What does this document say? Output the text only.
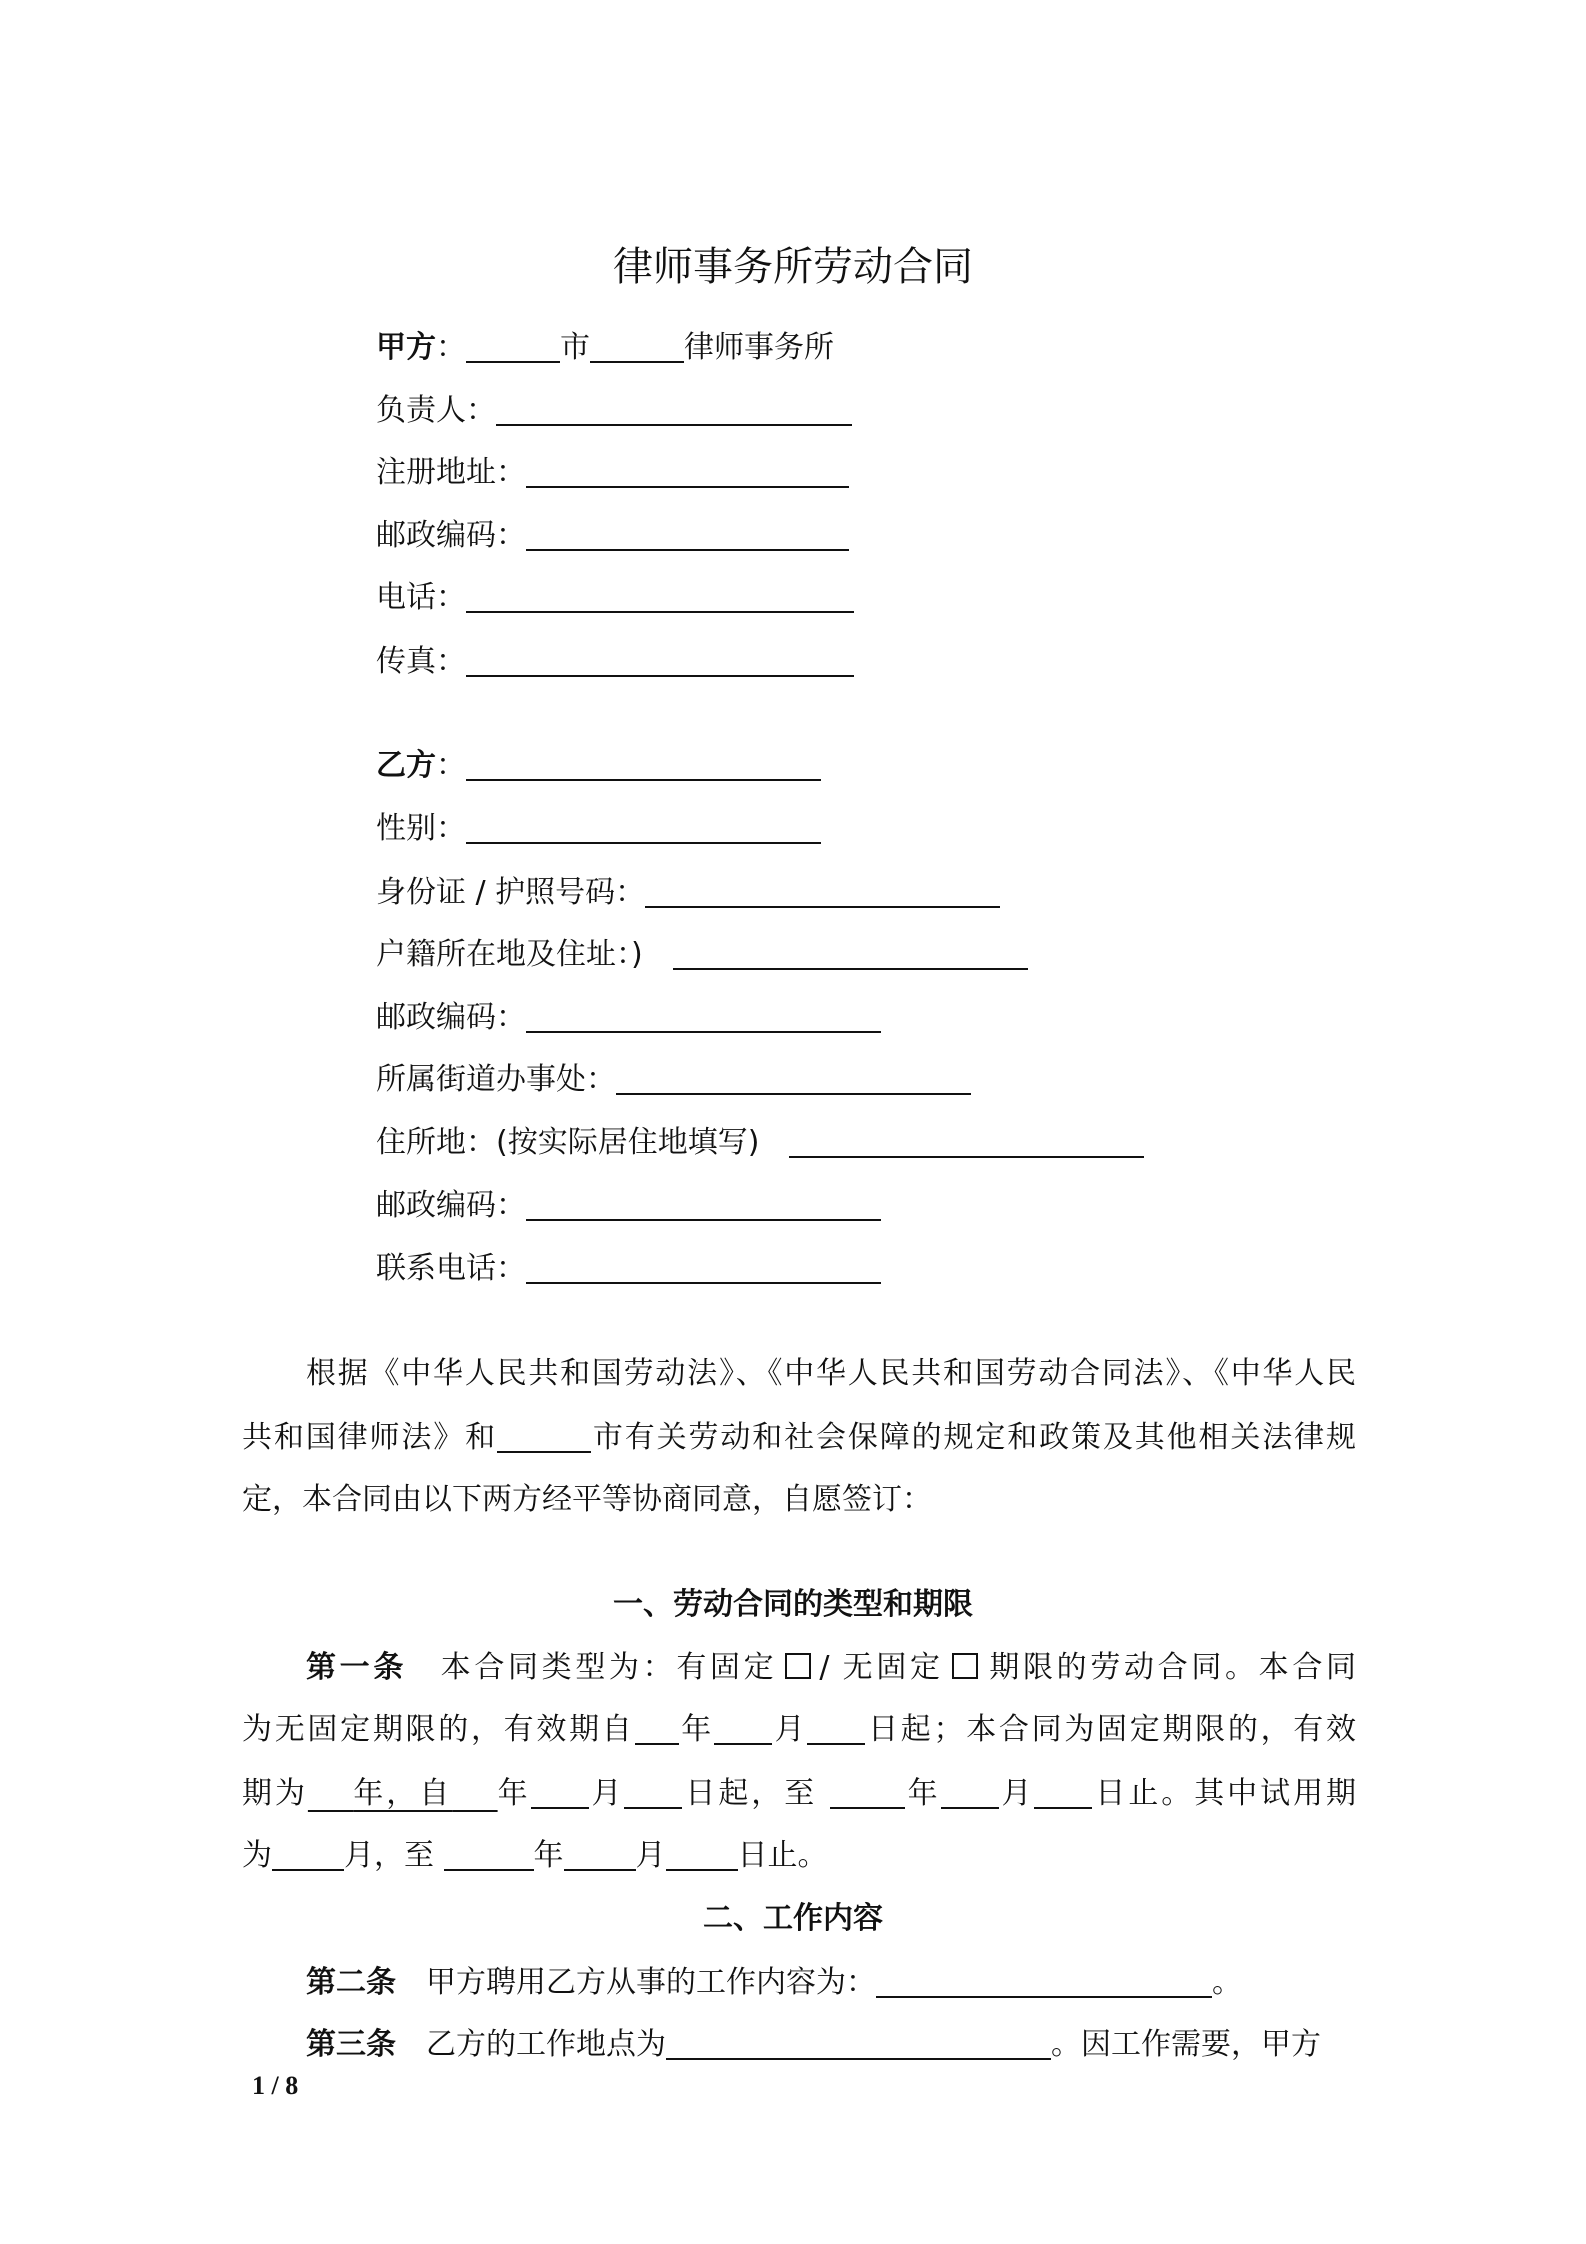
律师事务所劳动合同
甲方：	市	律师事务所
负责人：
注册地址：
邮政编码：
电话：
传真：
乙方：
性别：
身份证 / 护照号码：
户籍所在地及住址：)
邮政编码：
所属街道办事处：
住所地：(按实际居住地填写)
邮政编码：
联系电话：
根据《中华人民共和国劳动法》、《中华人民共和国劳动合同法》、《中华人民
共和国律师法》和	市有关劳动和社会保障的规定和政策及其他相关法律规
定，本合同由以下两方经平等协商同意，自愿签订：
一、劳动合同的类型和期限
第一条 本合同类型为：有固定 / 无固定 期限的劳动合同。本合同
为无固定期限的，有效期自 年 月 日起；本合同为固定期限的，有效
期为　 年，自　 年 月 日起，至	年 月 日止。其中试用期
为 月，至	年 月 日止。
二、工作内容
第二条 甲方聘用乙方从事的工作内容为：	。
第三条 乙方的工作地点为	。因工作需要，甲方
1 / 8
